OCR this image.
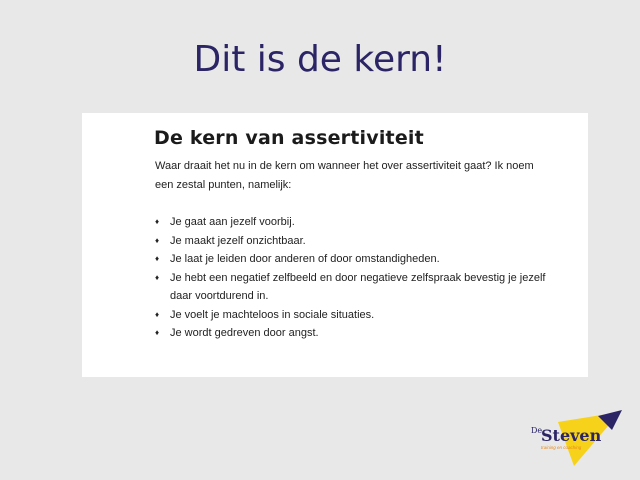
Dit is de kern!
De kern van assertiviteit

Waar draait het nu in de kern om wanneer het over assertiviteit gaat? Ik noem een zestal punten, namelijk:

♦ Je gaat aan jezelf voorbij.
♦ Je maakt jezelf onzichtbaar.
♦ Je laat je leiden door anderen of door omstandigheden.
♦ Je hebt een negatief zelfbeeld en door negatieve zelfspraak bevestig je jezelf daar voortdurend in.
♦ Je voelt je machteloos in sociale situaties.
♦ Je wordt gedreven door angst.
De
Steven
training en coaching
